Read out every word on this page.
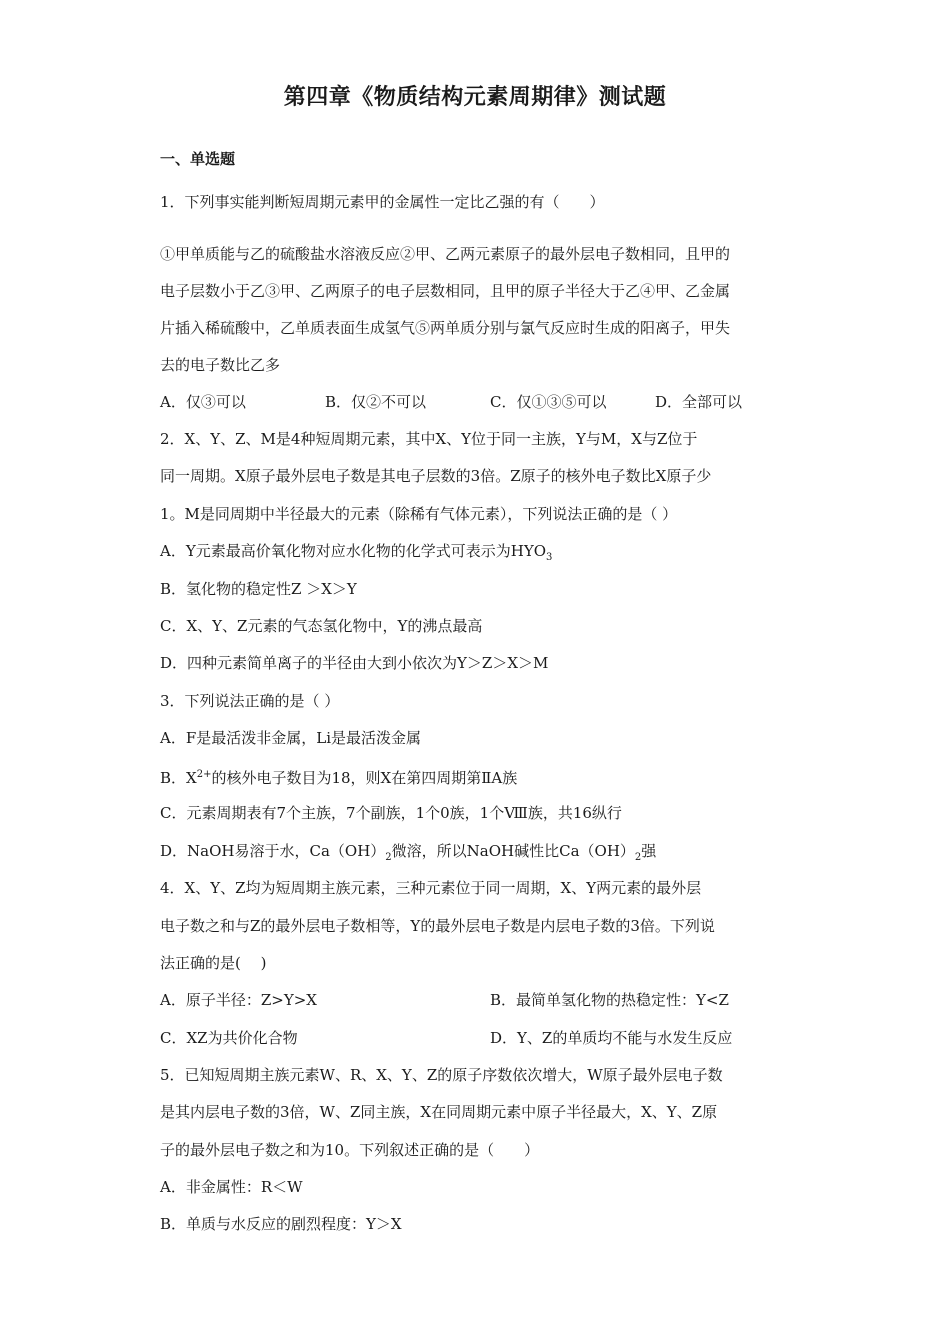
第四章《物质结构元素周期律》测试题
一、单选题
1．下列事实能判断短周期元素甲的金属性一定比乙强的有（　　）
①甲单质能与乙的硫酸盐水溶液反应②甲、乙两元素原子的最外层电子数相同，且甲的
电子层数小于乙③甲、乙两原子的电子层数相同，且甲的原子半径大于乙④甲、乙金属
片插入稀硫酸中，乙单质表面生成氢气⑤两单质分别与氯气反应时生成的阳离子，甲失
去的电子数比乙多
A．仅③可以	B．仅②不可以	C．仅①③⑤可以	D．全部可以
2．X、Y、Z、M是4种短周期元素，其中X、Y位于同一主族，Y与M，X与Z位于
同一周期。X原子最外层电子数是其电子层数的3倍。Z原子的核外电子数比X原子少
1。M是同周期中半径最大的元素（除稀有气体元素），下列说法正确的是（ ）
A．Y元素最高价氧化物对应水化物的化学式可表示为$HYO_3$
B．氢化物的稳定性Z ＞X＞Y
C．X、Y、Z元素的气态氢化物中，Y的沸点最高
D．四种元素简单离子的半径由大到小依次为Y＞Z＞X＞M
3．下列说法正确的是（ ）
A．F是最活泼非金属，Li是最活泼金属
B．$X^{2+}$的核外电子数目为18，则X在第四周期第ⅡA族
C．元素周期表有7个主族，7个副族，1个0族，1个Ⅷ族，共16纵行
D．NaOH易溶于水，$Ca(OH)_2$微溶，所以NaOH碱性比$Ca(OH)_2$强
4．X、Y、Z均为短周期主族元素，三种元素位于同一周期，X、Y两元素的最外层
电子数之和与Z的最外层电子数相等，Y的最外层电子数是内层电子数的3倍。下列说
法正确的是(　 )
A．原子半径：Z>Y>X	B．最简单氢化物的热稳定性：Y<Z
C．XZ为共价化合物	D．Y、Z的单质均不能与水发生反应
5．已知短周期主族元素W、R、X、Y、Z的原子序数依次增大，W原子最外层电子数
是其内层电子数的3倍，W、Z同主族，X在同周期元素中原子半径最大，X、Y、Z原
子的最外层电子数之和为10。下列叙述正确的是（　　）
A．非金属性：R＜W
B．单质与水反应的剧烈程度：Y＞X
